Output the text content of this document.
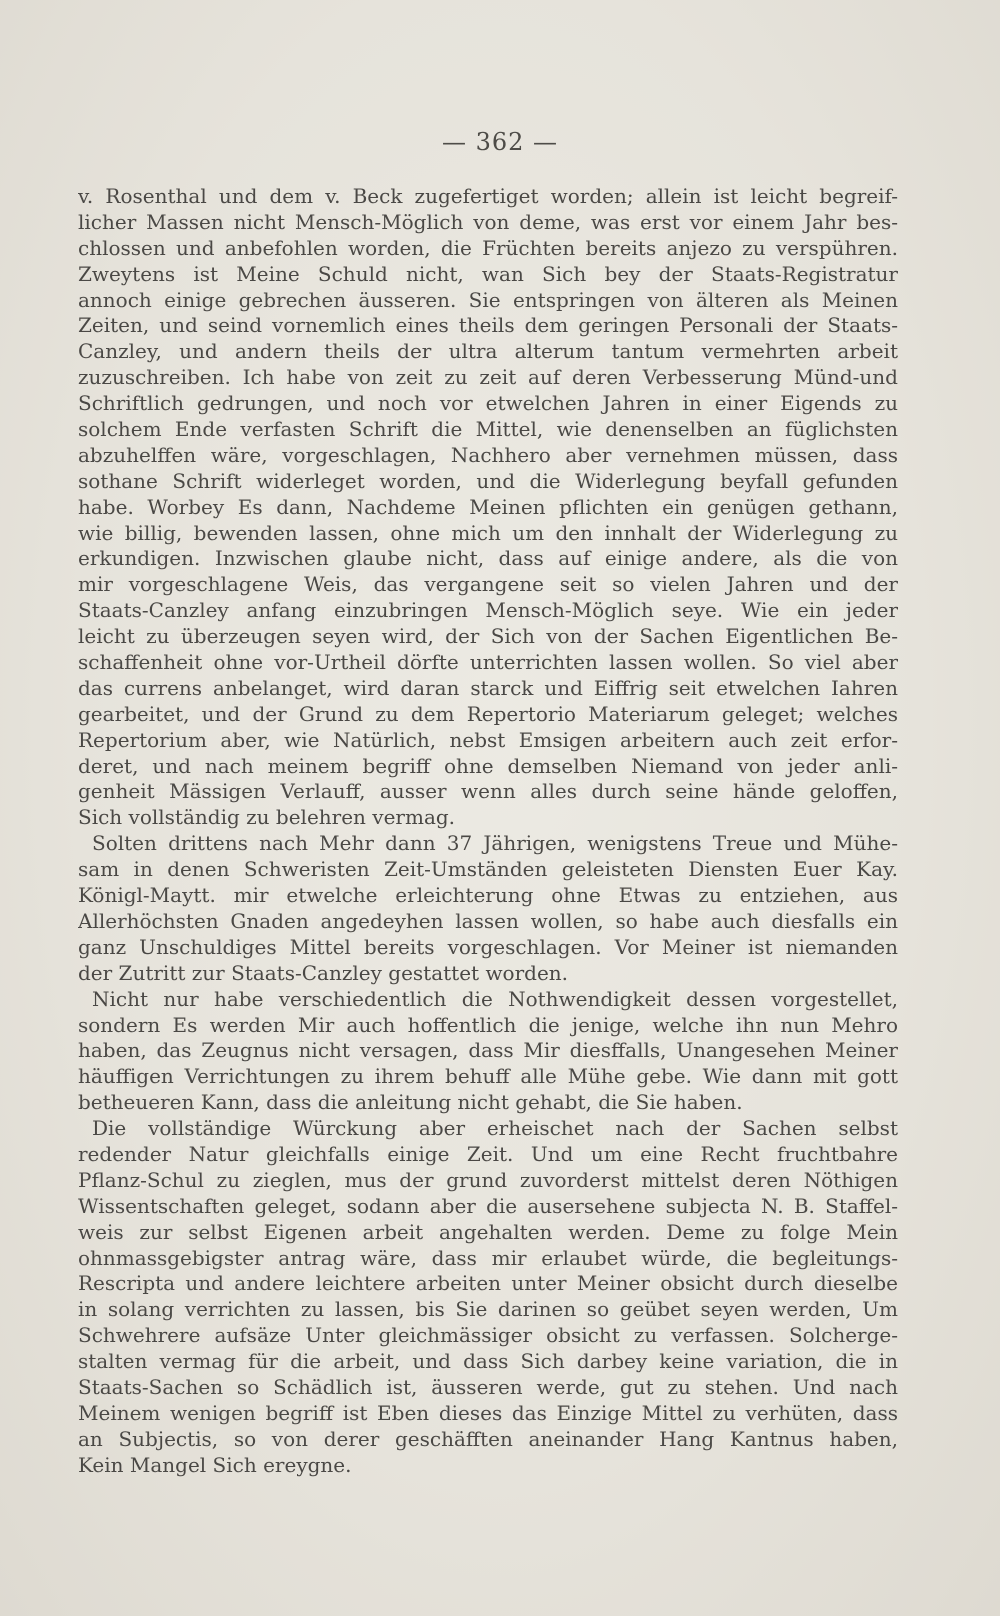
— 362 —
v. Rosenthal und dem v. Beck zugefertiget worden; allein ist leicht begreif-
licher Massen nicht Mensch-Möglich von deme, was erst vor einem Jahr bes-
chlossen und anbefohlen worden, die Früchten bereits anjezo zu verspühren.
Zweytens ist Meine Schuld nicht, wan Sich bey der Staats-Registratur
annoch einige gebrechen äusseren. Sie entspringen von älteren als Meinen
Zeiten, und seind vornemlich eines theils dem geringen Personali der Staats-
Canzley, und andern theils der ultra alterum tantum vermehrten arbeit
zuzuschreiben. Ich habe von zeit zu zeit auf deren Verbesserung Münd-und
Schriftlich gedrungen, und noch vor etwelchen Jahren in einer Eigends zu
solchem Ende verfasten Schrift die Mittel, wie denenselben an füglichsten
abzuhelffen wäre, vorgeschlagen, Nachhero aber vernehmen müssen, dass
sothane Schrift widerleget worden, und die Widerlegung beyfall gefunden
habe. Worbey Es dann, Nachdeme Meinen pflichten ein genügen gethann,
wie billig, bewenden lassen, ohne mich um den innhalt der Widerlegung zu
erkundigen. Inzwischen glaube nicht, dass auf einige andere, als die von
mir vorgeschlagene Weis, das vergangene seit so vielen Jahren und der
Staats-Canzley anfang einzubringen Mensch-Möglich seye. Wie ein jeder
leicht zu überzeugen seyen wird, der Sich von der Sachen Eigentlichen Be-
schaffenheit ohne vor-Urtheil dörfte unterrichten lassen wollen. So viel aber
das currens anbelanget, wird daran starck und Eiffrig seit etwelchen Iahren
gearbeitet, und der Grund zu dem Repertorio Materiarum geleget; welches
Repertorium aber, wie Natürlich, nebst Emsigen arbeitern auch zeit erfor-
deret, und nach meinem begriff ohne demselben Niemand von jeder anli-
genheit Mässigen Verlauff, ausser wenn alles durch seine hände geloffen,
Sich vollständig zu belehren vermag.
Solten drittens nach Mehr dann 37 Jährigen, wenigstens Treue und Mühe-
sam in denen Schweristen Zeit-Umständen geleisteten Diensten Euer Kay.
Königl-Maytt. mir etwelche erleichterung ohne Etwas zu entziehen, aus
Allerhöchsten Gnaden angedeyhen lassen wollen, so habe auch diesfalls ein
ganz Unschuldiges Mittel bereits vorgeschlagen. Vor Meiner ist niemanden
der Zutritt zur Staats-Canzley gestattet worden.
Nicht nur habe verschiedentlich die Nothwendigkeit dessen vorgestellet,
sondern Es werden Mir auch hoffentlich die jenige, welche ihn nun Mehro
haben, das Zeugnus nicht versagen, dass Mir diesffalls, Unangesehen Meiner
häuffigen Verrichtungen zu ihrem behuff alle Mühe gebe. Wie dann mit gott
betheueren Kann, dass die anleitung nicht gehabt, die Sie haben.
Die vollständige Würckung aber erheischet nach der Sachen selbst
redender Natur gleichfalls einige Zeit. Und um eine Recht fruchtbahre
Pflanz-Schul zu zieglen, mus der grund zuvorderst mittelst deren Nöthigen
Wissentschaften geleget, sodann aber die ausersehene subjecta N. B. Staffel-
weis zur selbst Eigenen arbeit angehalten werden. Deme zu folge Mein
ohnmassgebigster antrag wäre, dass mir erlaubet würde, die begleitungs-
Rescripta und andere leichtere arbeiten unter Meiner obsicht durch dieselbe
in solang verrichten zu lassen, bis Sie darinen so geübet seyen werden, Um
Schwehrere aufsäze Unter gleichmässiger obsicht zu verfassen. Solcherge-
stalten vermag für die arbeit, und dass Sich darbey keine variation, die in
Staats-Sachen so Schädlich ist, äusseren werde, gut zu stehen. Und nach
Meinem wenigen begriff ist Eben dieses das Einzige Mittel zu verhüten, dass
an Subjectis, so von derer geschäfften aneinander Hang Kantnus haben,
Kein Mangel Sich ereygne.
